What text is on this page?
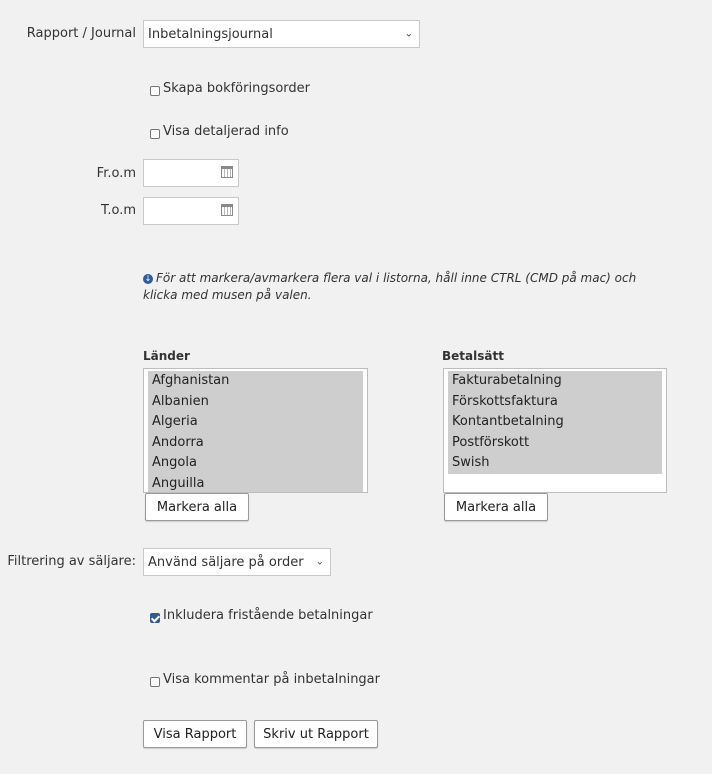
Rapport / Journal Inbetalningsjournal	⌄
Skapa bokföringsorder
Visa detaljerad info
Fr.o.m
T.o.m
↓ För att markera/avmarkera flera val i listorna, håll inne CTRL (CMD på mac) och klicka med musen på valen.
Länder
Afghanistan
Albanien
Algeria
Andorra
Angola
Anguilla
Markera alla
Betalsätt
Fakturabetalning
Förskottsfaktura
Kontantbetalning
Postförskott
Swish
Markera alla
Filtrering av säljare: Använd säljare på order ⌄
Inkludera fristående betalningar
Visa kommentar på inbetalningar
Visa Rapport	Skriv ut Rapport
